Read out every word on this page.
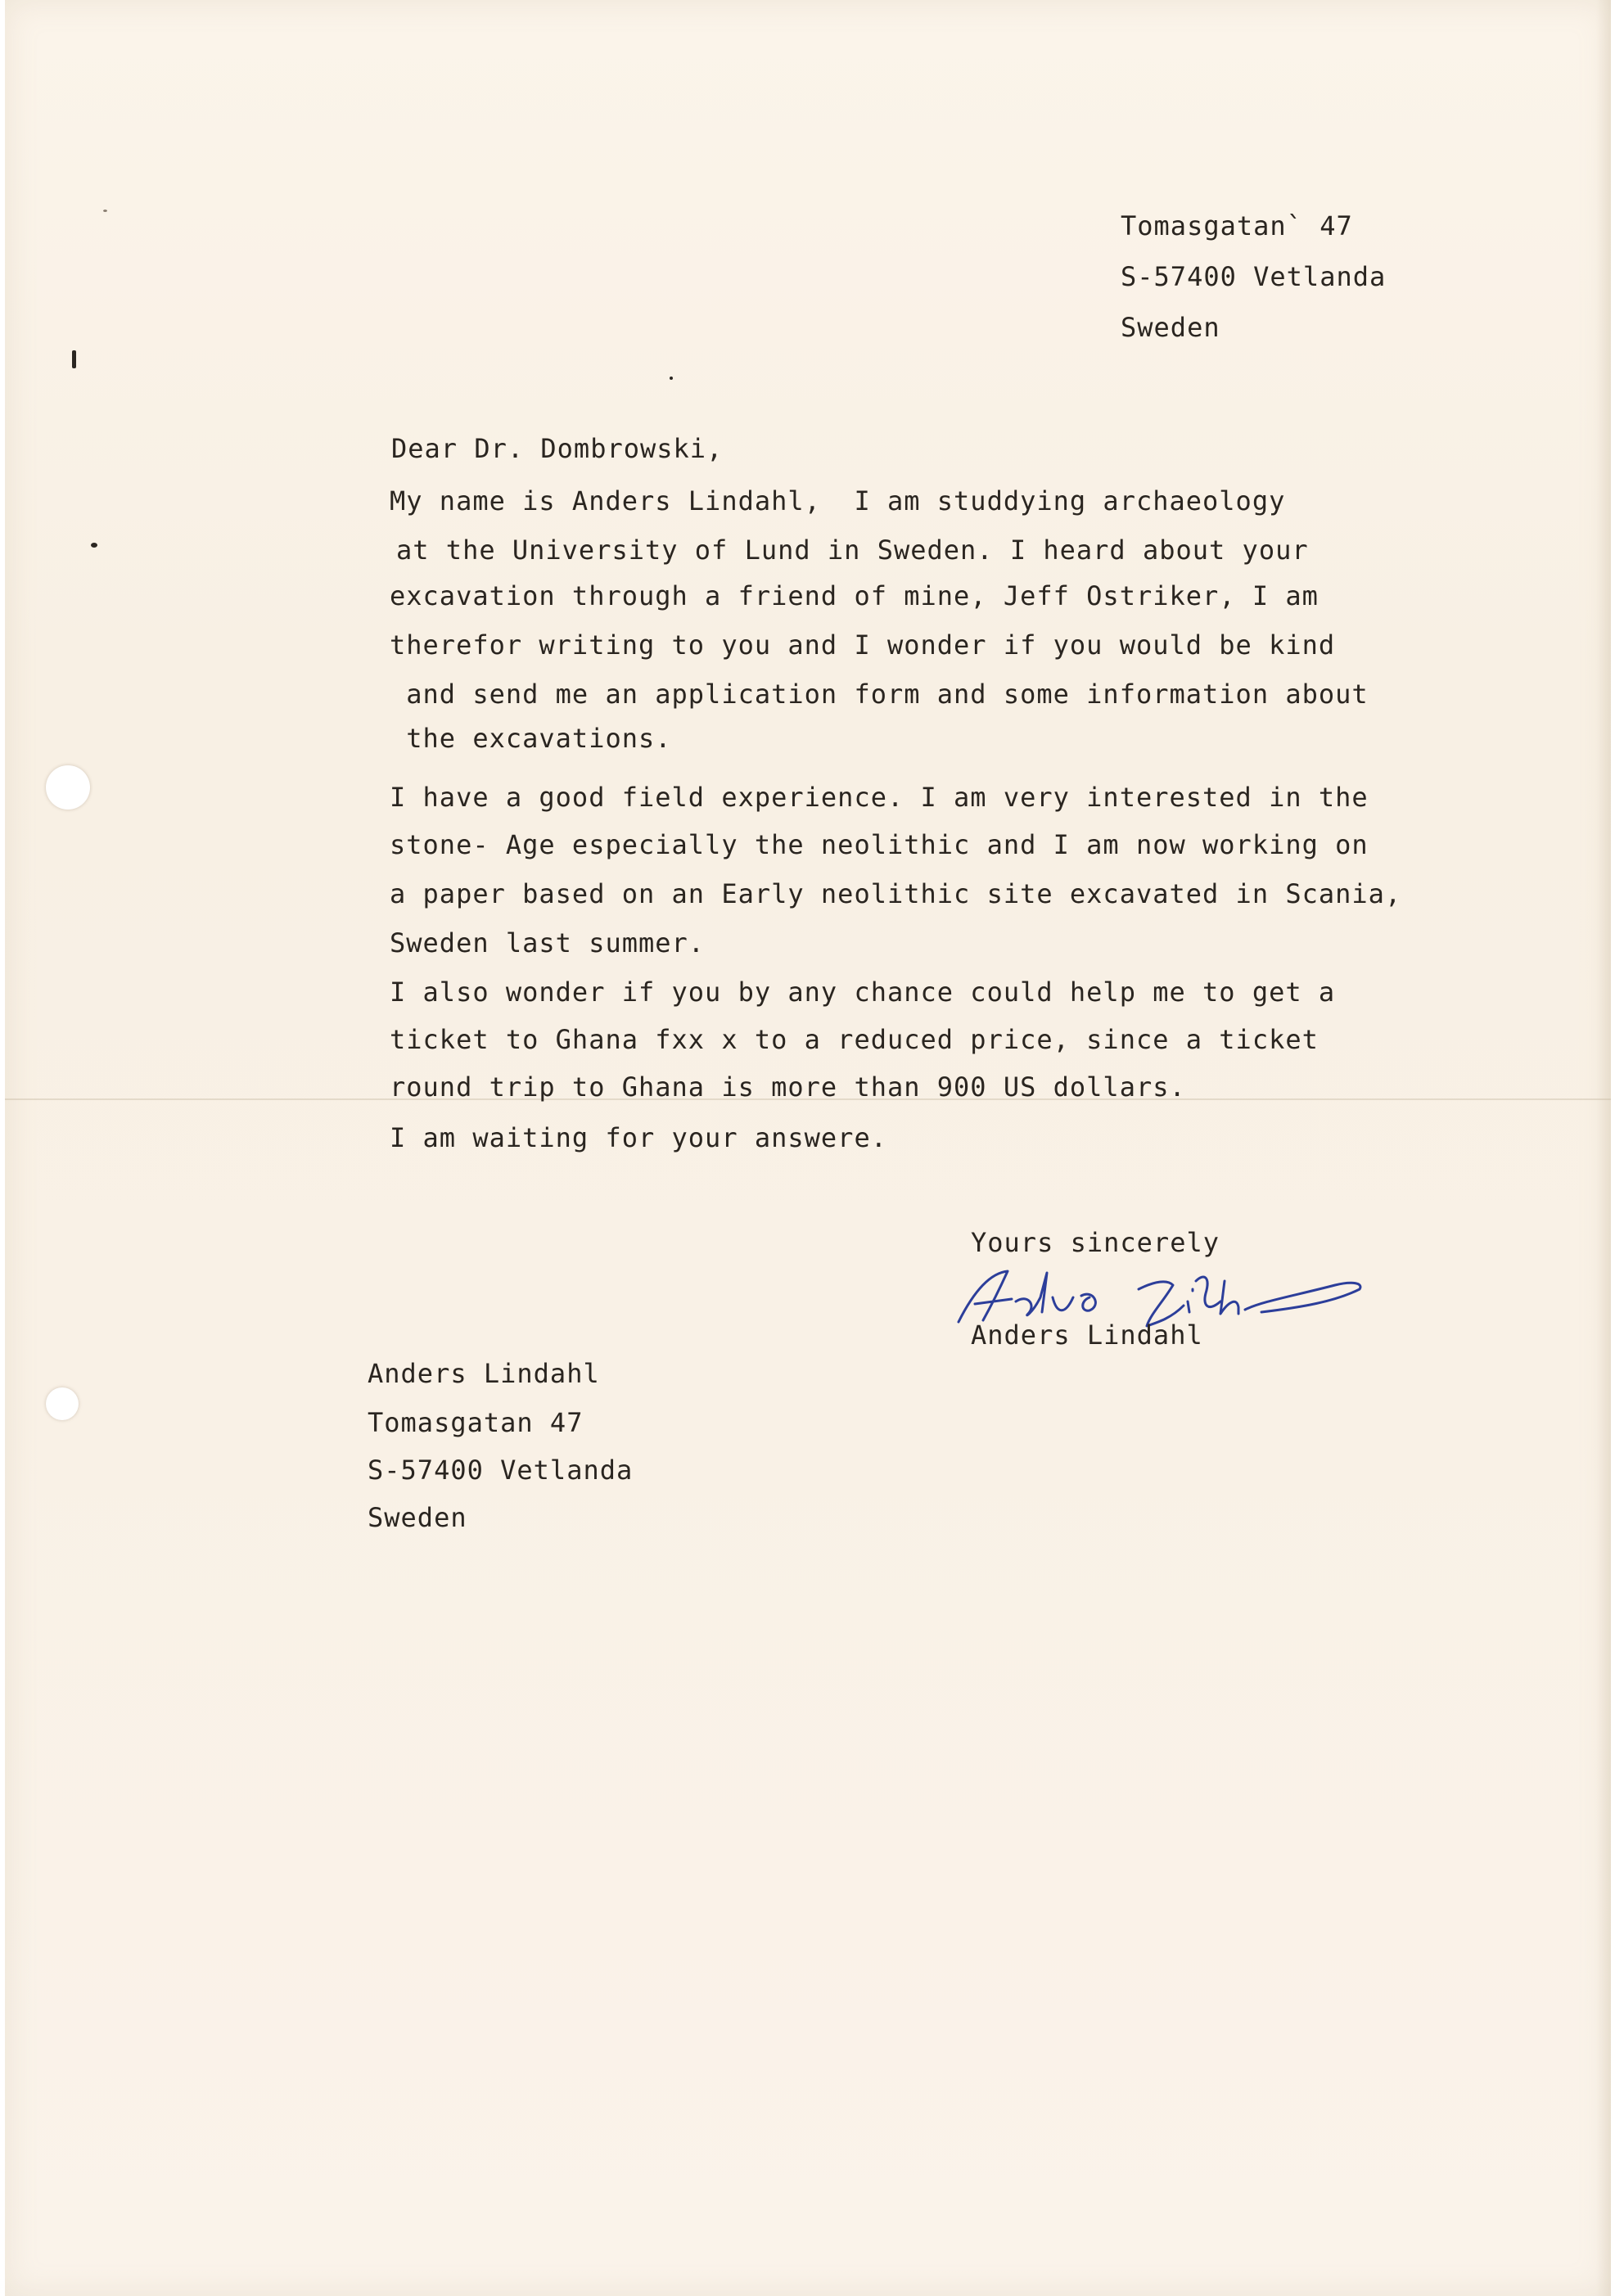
Tomasgatan` 47

S-57400 Vetlanda

Sweden

Dear Dr. Dombrowski,

My name is Anders Lindahl,  I am studdying archaeology

at the University of Lund in Sweden. I heard about your

excavation through a friend of mine, Jeff Ostriker, I am

therefor writing to you and I wonder if you would be kind

and send me an application form and some information about

the excavations.

I have a good field experience. I am very interested in the

stone- Age especially the neolithic and I am now working on

a paper based on an Early neolithic site excavated in Scania,

Sweden last summer.

I also wonder if you by any chance could help me to get a

ticket to Ghana fxx x to a reduced price, since a ticket

round trip to Ghana is more than 900 US dollars.

I am waiting for your answere.

Yours sincerely
Anders Lindahl

Anders Lindahl

Tomasgatan 47

S-57400 Vetlanda

Sweden
